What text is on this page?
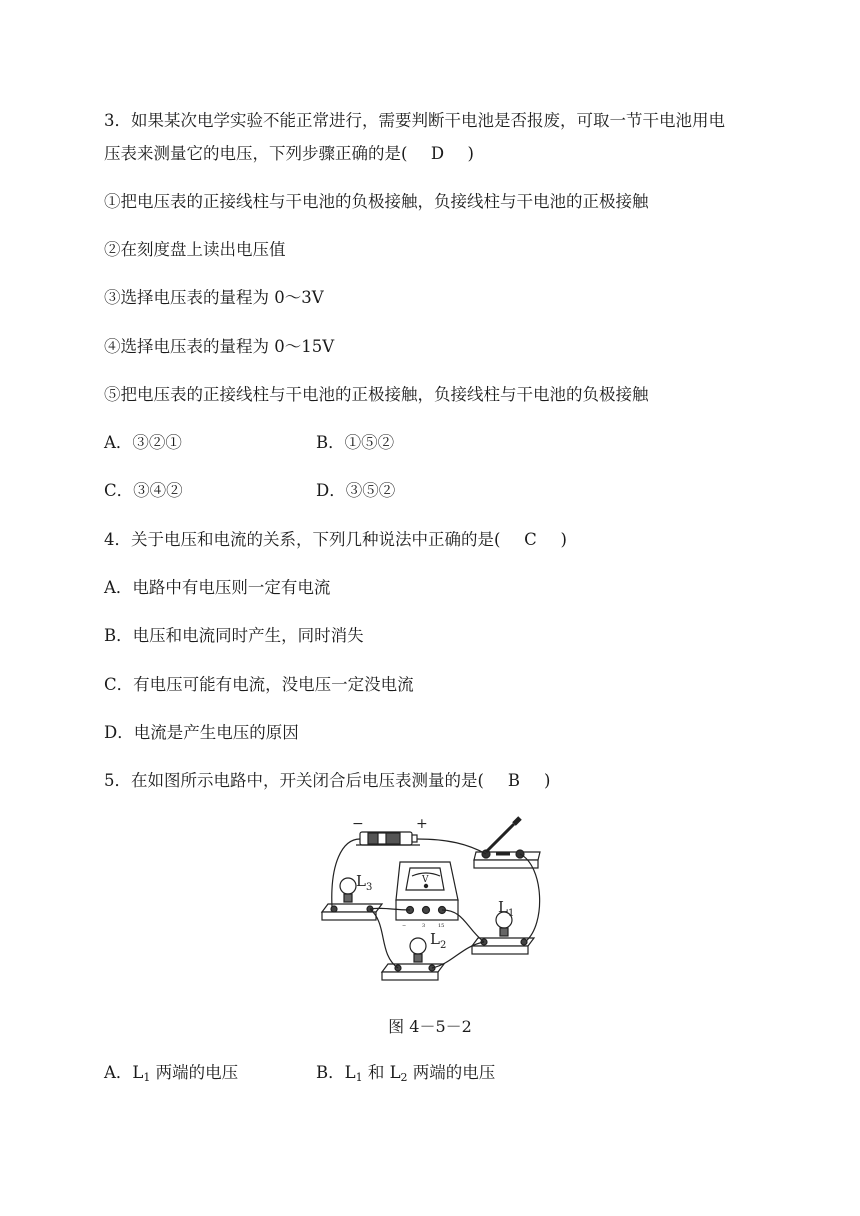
3．如果某次电学实验不能正常进行，需要判断干电池是否报废，可取一节干电池用电
压表来测量它的电压，下列步骤正确的是( D )
①把电压表的正接线柱与干电池的负极接触，负接线柱与干电池的正极接触
②在刻度盘上读出电压值
③选择电压表的量程为 0～3V
④选择电压表的量程为 0～15V
⑤把电压表的正接线柱与干电池的正极接触，负接线柱与干电池的负极接触
A．③②①	B．①⑤②
C．③④②	D．③⑤②
4．关于电压和电流的关系，下列几种说法中正确的是( C )
A．电路中有电压则一定有电流
B．电压和电流同时产生，同时消失
C．有电压可能有电流，没电压一定没电流
D．电流是产生电压的原因
5．在如图所示电路中，开关闭合后电压表测量的是( B )
−	+
V
−	3	15
$L_3$
$L_1$
$L_2$
图 4－5－2
A．$L_1$ 两端的电压	B．$L_1$ 和 $L_2$ 两端的电压
